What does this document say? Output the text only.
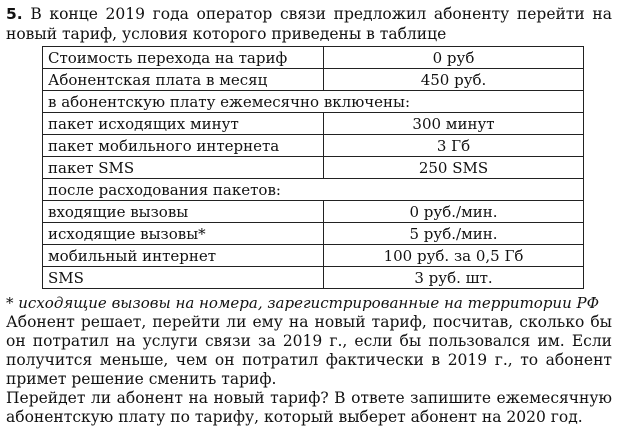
5. В конце 2019 года оператор связи предложил абоненту перейти на новый тариф, условия которого приведены в таблице

Стоимость перехода на тариф	0 руб
Абонентская плата в месяц	450 руб.
в абонентскую плату ежемесячно включены:	
пакет исходящих минут	300 минут
пакет мобильного интернета	3 Гб
пакет SMS	250 SMS
после расходования пакетов:	
входящие вызовы	0 руб./мин.
исходящие вызовы*	5 руб./мин.
мобильный интернет	100 руб. за 0,5 Гб
SMS	3 руб. шт.
* исходящие вызовы на номера, зарегистрированные на территории РФ

Абонент решает, перейти ли ему на новый тариф, посчитав, сколько бы он потратил на услуги связи за 2019 г., если бы пользовался им. Если получится меньше, чем он потратил фактически в 2019 г., то абонент примет решение сменить тариф.

Перейдет ли абонент на новый тариф? В ответе запишите ежемесячную абонентскую плату по тарифу, который выберет абонент на 2020 год.
